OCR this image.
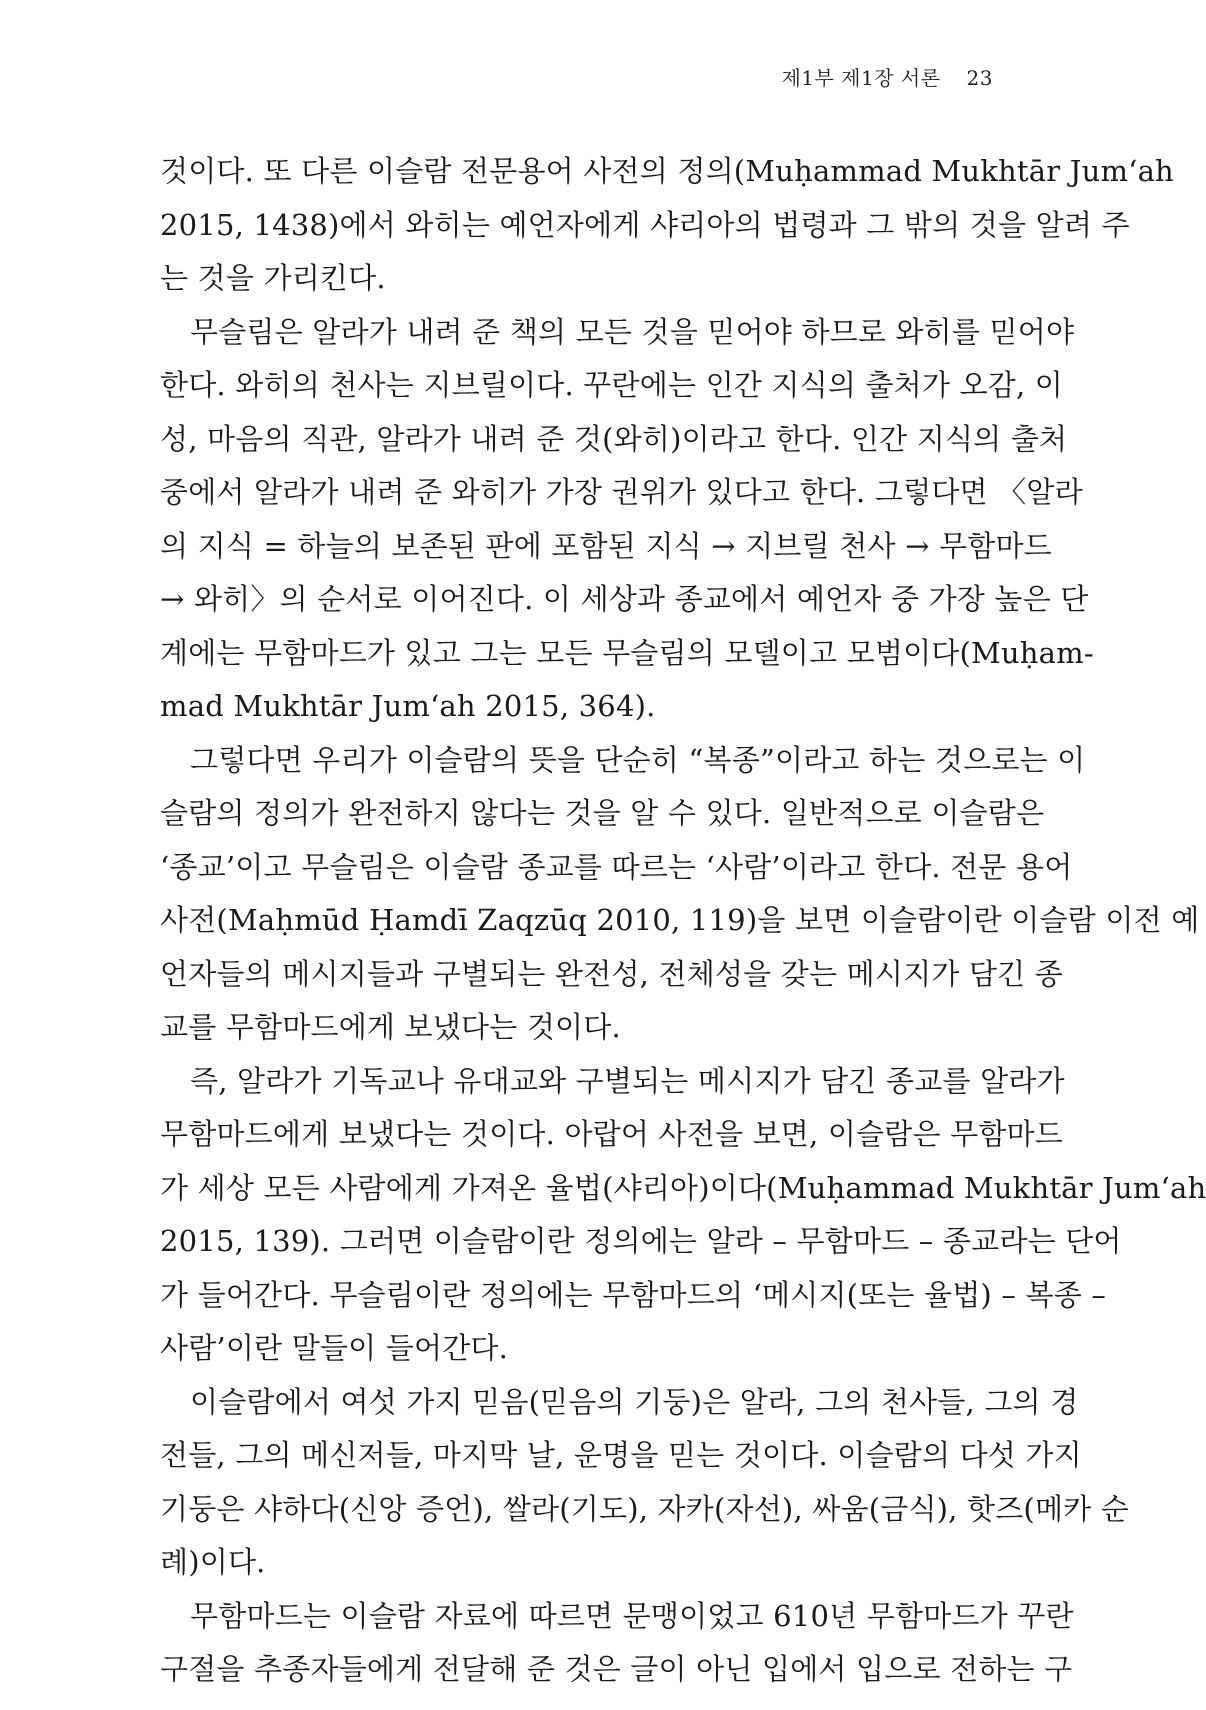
제1부 제1장 서론 23
것이다. 또 다른 이슬람 전문용어 사전의 정의(Muḥammad Mukhtār Jum‘ah
2015, 1438)에서 와히는 예언자에게 샤리아의 법령과 그 밖의 것을 알려 주
는 것을 가리킨다.
무슬림은 알라가 내려 준 책의 모든 것을 믿어야 하므로 와히를 믿어야
한다. 와히의 천사는 지브릴이다. 꾸란에는 인간 지식의 출처가 오감, 이
성, 마음의 직관, 알라가 내려 준 것(와히)이라고 한다. 인간 지식의 출처
중에서 알라가 내려 준 와히가 가장 권위가 있다고 한다. 그렇다면 〈알라
의 지식 = 하늘의 보존된 판에 포함된 지식 → 지브릴 천사 → 무함마드
→ 와히〉의 순서로 이어진다. 이 세상과 종교에서 예언자 중 가장 높은 단
계에는 무함마드가 있고 그는 모든 무슬림의 모델이고 모범이다(Muḥam-
mad Mukhtār Jum‘ah 2015, 364).
그렇다면 우리가 이슬람의 뜻을 단순히 “복종”이라고 하는 것으로는 이
슬람의 정의가 완전하지 않다는 것을 알 수 있다. 일반적으로 이슬람은
‘종교’이고 무슬림은 이슬람 종교를 따르는 ‘사람’이라고 한다. 전문 용어
사전(Maḥmūd Ḥamdī Zaqzūq 2010, 119)을 보면 이슬람이란 이슬람 이전 예
언자들의 메시지들과 구별되는 완전성, 전체성을 갖는 메시지가 담긴 종
교를 무함마드에게 보냈다는 것이다.
즉, 알라가 기독교나 유대교와 구별되는 메시지가 담긴 종교를 알라가
무함마드에게 보냈다는 것이다. 아랍어 사전을 보면, 이슬람은 무함마드
가 세상 모든 사람에게 가져온 율법(샤리아)이다(Muḥammad Mukhtār Jum‘ah
2015, 139). 그러면 이슬람이란 정의에는 알라 – 무함마드 – 종교라는 단어
가 들어간다. 무슬림이란 정의에는 무함마드의 ‘메시지(또는 율법) – 복종 –
사람’이란 말들이 들어간다.
이슬람에서 여섯 가지 믿음(믿음의 기둥)은 알라, 그의 천사들, 그의 경
전들, 그의 메신저들, 마지막 날, 운명을 믿는 것이다. 이슬람의 다섯 가지
기둥은 샤하다(신앙 증언), 쌀라(기도), 자카(자선), 싸움(금식), 핫즈(메카 순
례)이다.
무함마드는 이슬람 자료에 따르면 문맹이었고 610년 무함마드가 꾸란
구절을 추종자들에게 전달해 준 것은 글이 아닌 입에서 입으로 전하는 구
